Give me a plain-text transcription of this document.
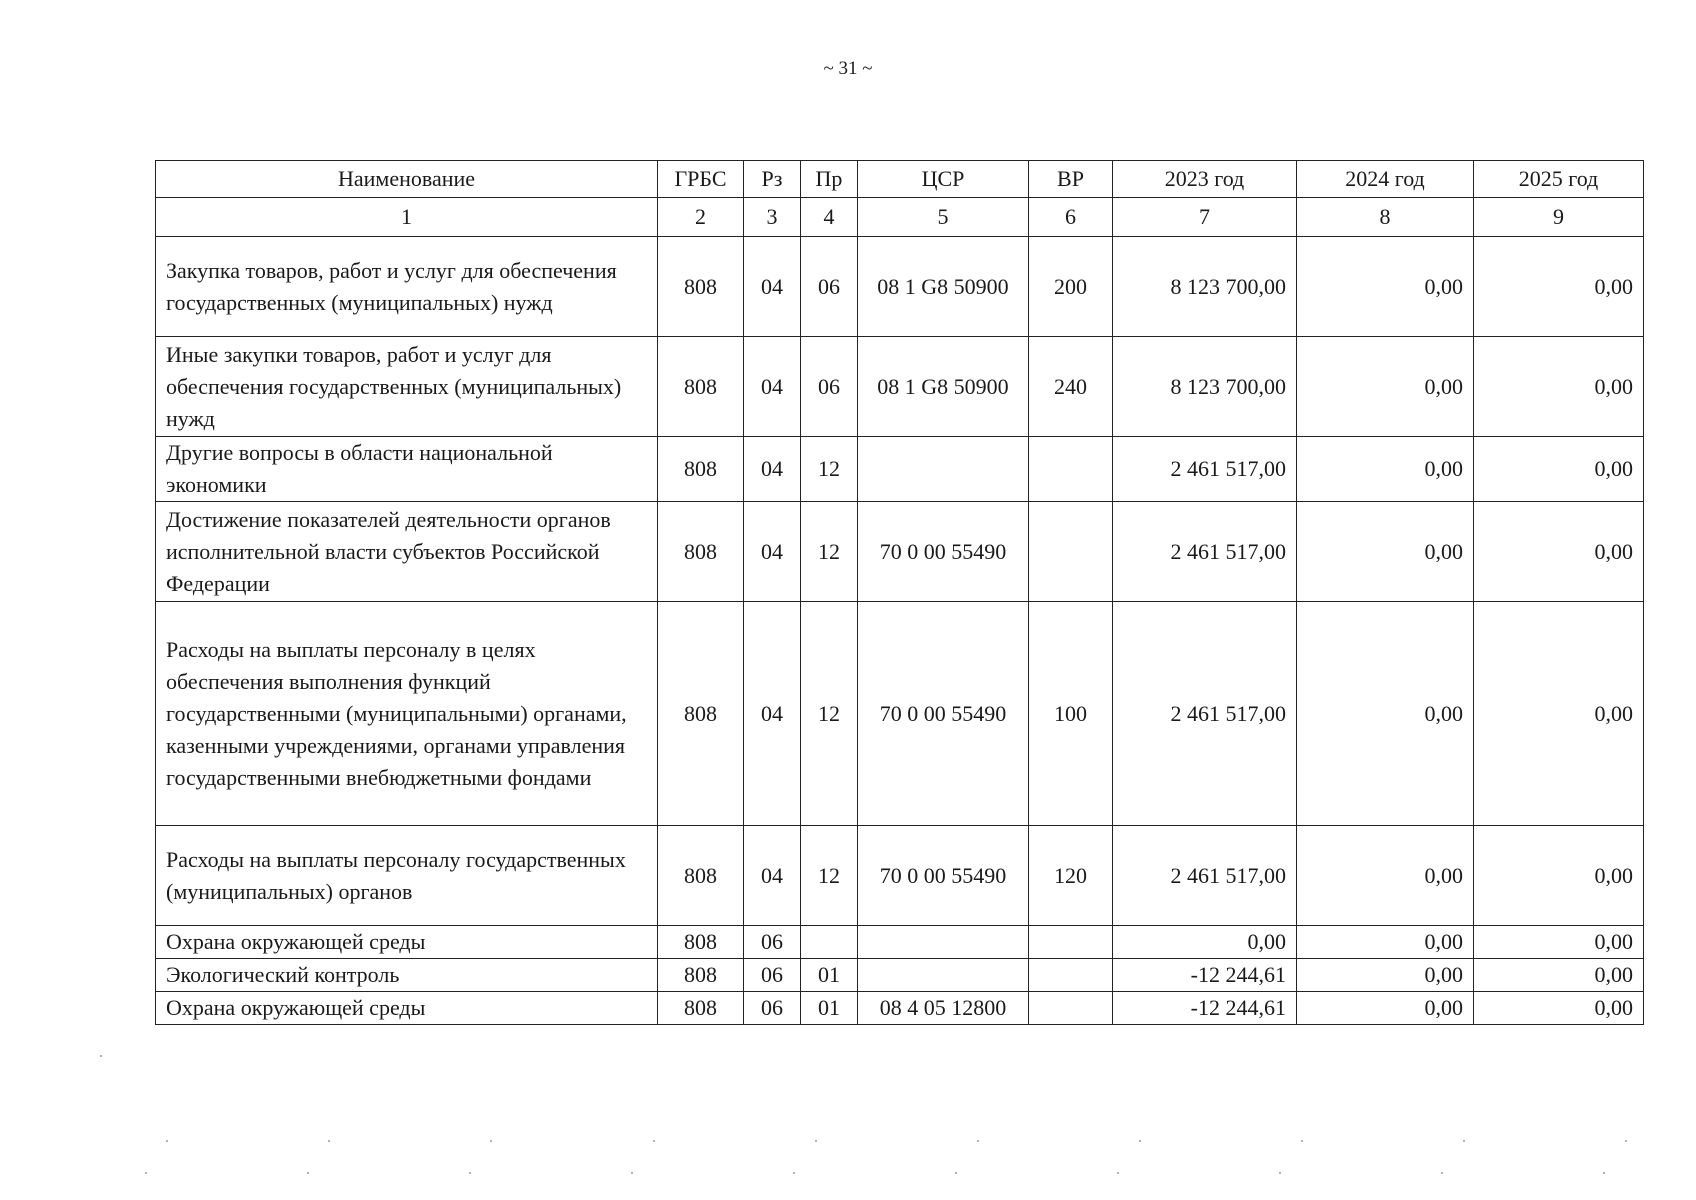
~ 31 ~
Наименование	ГРБС	Рз	Пр	ЦСР	ВР	2023 год	2024 год	2025 год
1	2	3	4	5	6	7	8	9
Закупка товаров, работ и услуг для обеспечения государственных (муниципальных) нужд	808	04	06	08 1 G8 50900	200	8 123 700,00	0,00	0,00
Иные закупки товаров, работ и услуг для обеспечения государственных (муниципальных) нужд	808	04	06	08 1 G8 50900	240	8 123 700,00	0,00	0,00
Другие вопросы в области национальной экономики	808	04	12			2 461 517,00	0,00	0,00
Достижение показателей деятельности органов исполнительной власти субъектов Российской Федерации	808	04	12	70 0 00 55490		2 461 517,00	0,00	0,00
Расходы на выплаты персоналу в целях обеспечения выполнения функций государственными (муниципальными) органами, казенными учреждениями, органами управления государственными внебюджетными фондами	808	04	12	70 0 00 55490	100	2 461 517,00	0,00	0,00
Расходы на выплаты персоналу государственных (муниципальных) органов	808	04	12	70 0 00 55490	120	2 461 517,00	0,00	0,00
Охрана окружающей среды	808	06				0,00	0,00	0,00
Экологический контроль	808	06	01			-12 244,61	0,00	0,00
Охрана окружающей среды	808	06	01	08 4 05 12800		-12 244,61	0,00	0,00
